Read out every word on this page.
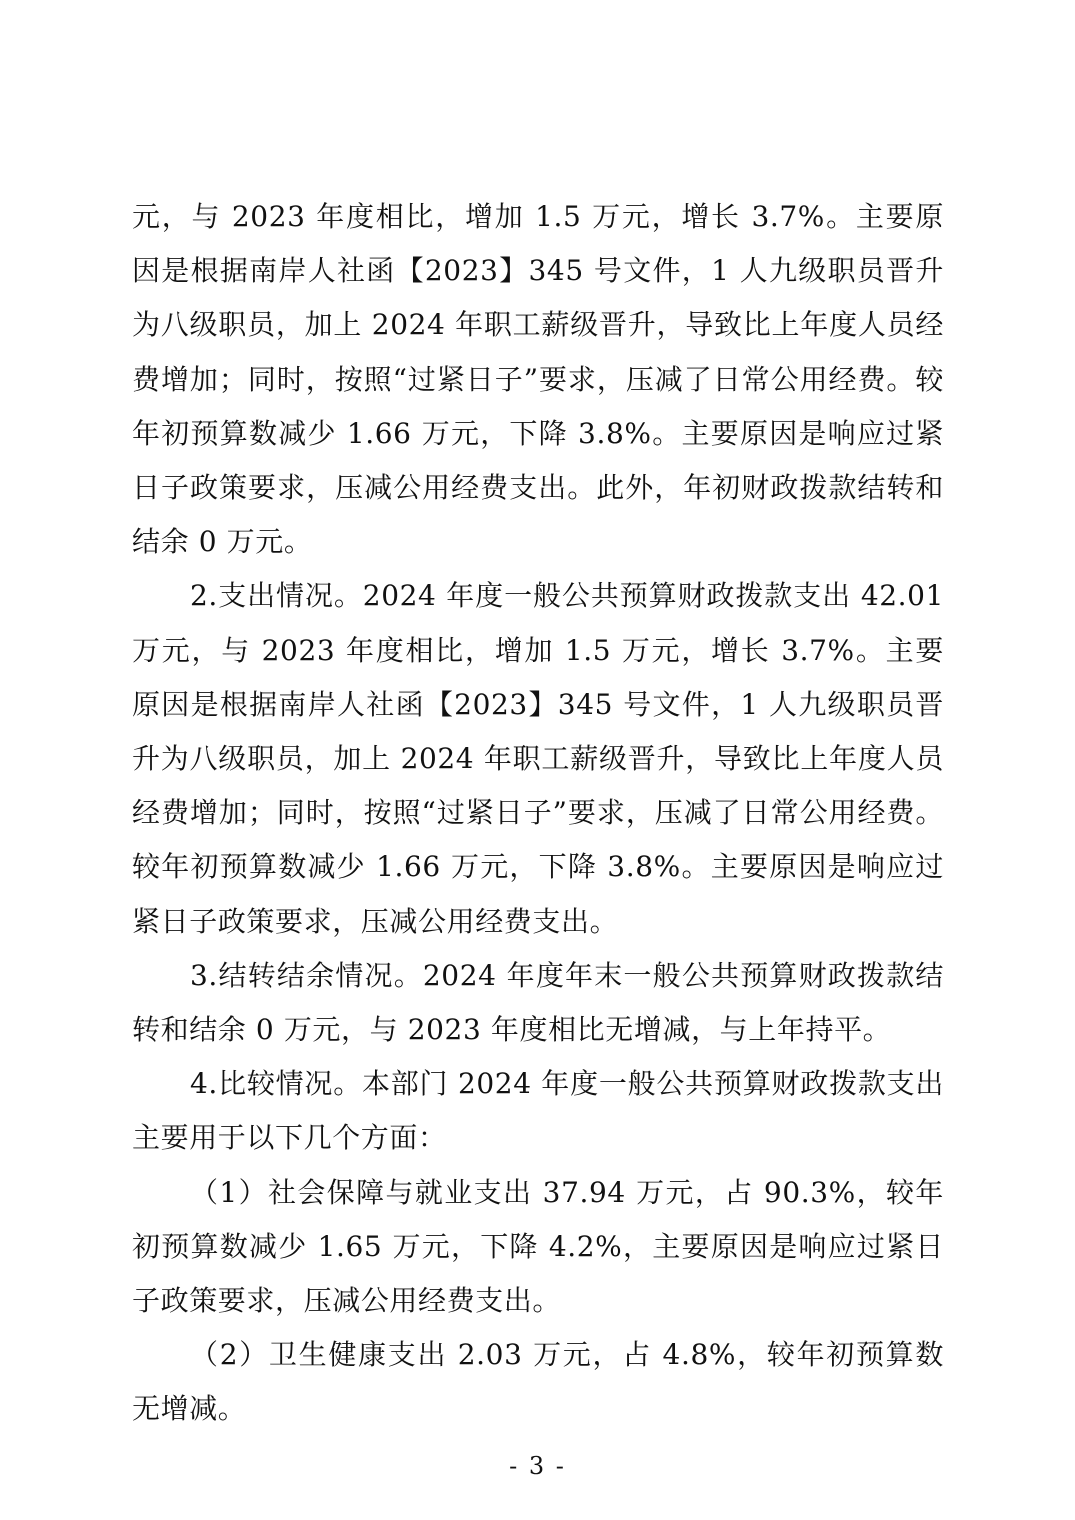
元，与 2023 年度相比，增加 1.5 万元，增长 3.7%。主要原因是根据南岸人社函【2023】345 号文件，1 人九级职员晋升为八级职员，加上 2024 年职工薪级晋升，导致比上年度人员经费增加；同时，按照“过紧日子”要求，压减了日常公用经费。较年初预算数减少 1.66 万元，下降 3.8%。主要原因是响应过紧日子政策要求，压减公用经费支出。此外，年初财政拨款结转和结余 0 万元。

2.支出情况。2024 年度一般公共预算财政拨款支出 42.01 万元，与 2023 年度相比，增加 1.5 万元，增长 3.7%。主要原因是根据南岸人社函【2023】345 号文件，1 人九级职员晋升为八级职员，加上 2024 年职工薪级晋升，导致比上年度人员经费增加；同时，按照“过紧日子”要求，压减了日常公用经费。较年初预算数减少 1.66 万元，下降 3.8%。主要原因是响应过紧日子政策要求，压减公用经费支出。

3.结转结余情况。2024 年度年末一般公共预算财政拨款结转和结余 0 万元，与 2023 年度相比无增减，与上年持平。

4.比较情况。本部门 2024 年度一般公共预算财政拨款支出主要用于以下几个方面：

（1）社会保障与就业支出 37.94 万元，占 90.3%，较年初预算数减少 1.65 万元，下降 4.2%，主要原因是响应过紧日子政策要求，压减公用经费支出。

（2）卫生健康支出 2.03 万元，占 4.8%，较年初预算数无增减。

- 3 -
